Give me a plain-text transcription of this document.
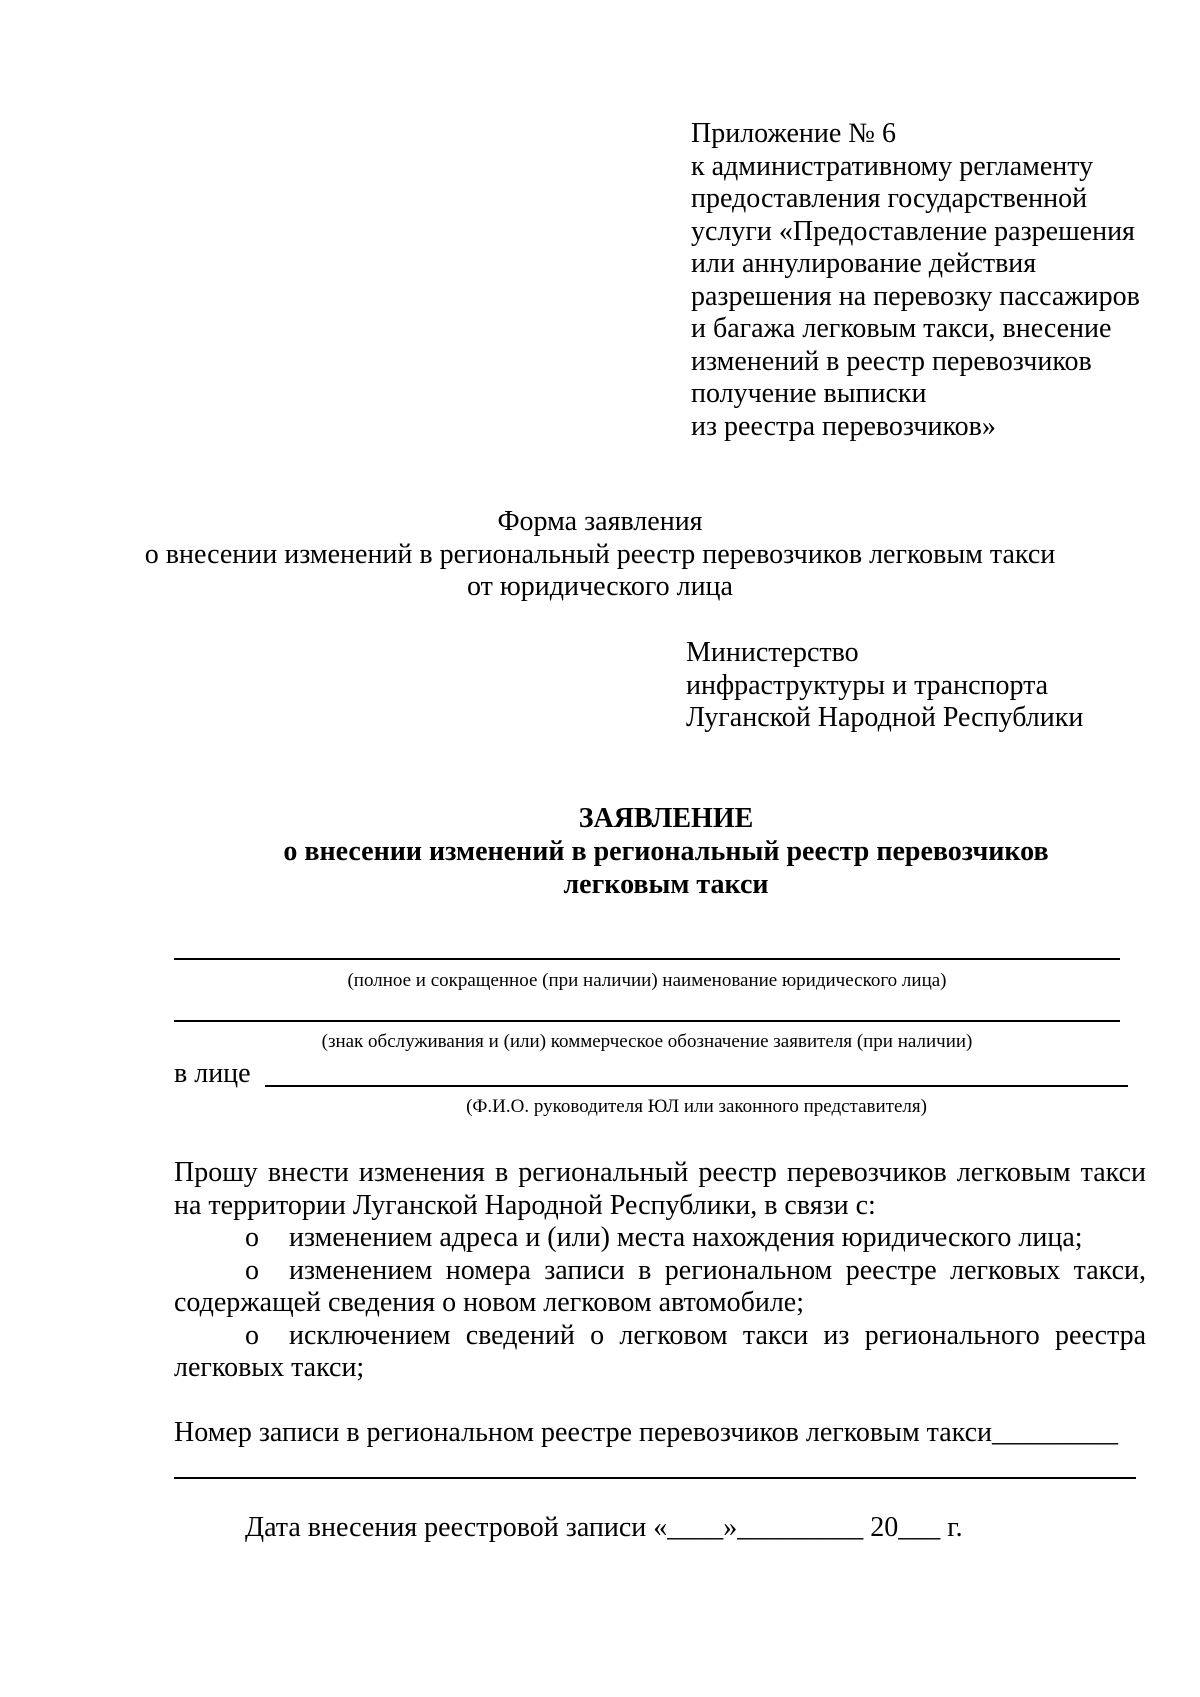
Приложение № 6
к административному регламенту
предоставления государственной
услуги «Предоставление разрешения
или аннулирование действия
разрешения на перевозку пассажиров
и багажа легковым такси, внесение
изменений в реестр перевозчиков
получение выписки
из реестра перевозчиков»
Форма заявления
о внесении изменений в региональный реестр перевозчиков легковым такси
от юридического лица
Министерство
инфраструктуры и транспорта
Луганской Народной Республики
ЗАЯВЛЕНИЕ
о внесении изменений в региональный реестр перевозчиков
легковым такси
(полное и сокращенное (при наличии) наименование юридического лица)
(знак обслуживания и (или) коммерческое обозначение заявителя (при наличии)
в лице
(Ф.И.О. руководителя ЮЛ или законного представителя)
Прошу внести изменения в региональный реестр перевозчиков легковым такси
на территории Луганской Народной Республики, в связи с:
o изменением адреса и (или) места нахождения юридического лица;
o изменением номера записи в региональном реестре легковых такси,
содержащей сведения о новом легковом автомобиле;
o исключением сведений о легковом такси из регионального реестра
легковых такси;
Номер записи в региональном реестре перевозчиков легковым такси_________
Дата внесения реестровой записи «____»_________ 20___ г.
